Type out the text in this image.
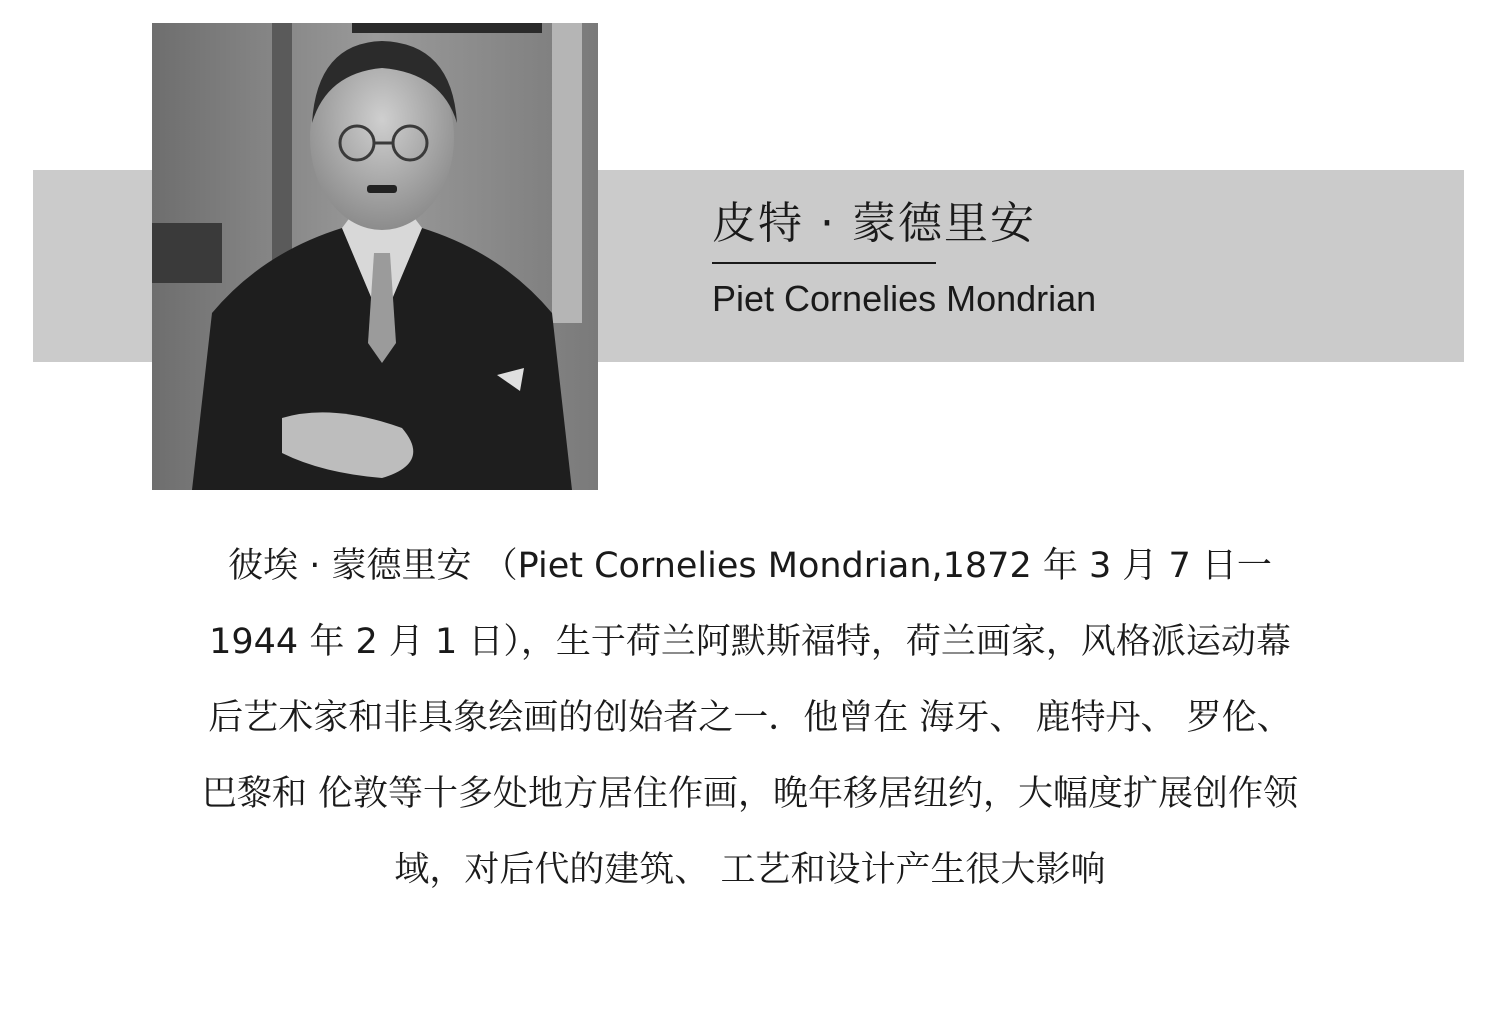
皮特 · 蒙德里安
Piet Cornelies Mondrian
彼埃 · 蒙德里安 （Piet Cornelies Mondrian,1872 年 3 月 7 日一
1944 年 2 月 1 日），生于荷兰阿默斯福特，荷兰画家，风格派运动幕
后艺术家和非具象绘画的创始者之一．他曾在 海牙、 鹿特丹、 罗伦、
巴黎和 伦敦等十多处地方居住作画，晚年移居纽约，大幅度扩展创作领
域，对后代的建筑、 工艺和设计产生很大影响
